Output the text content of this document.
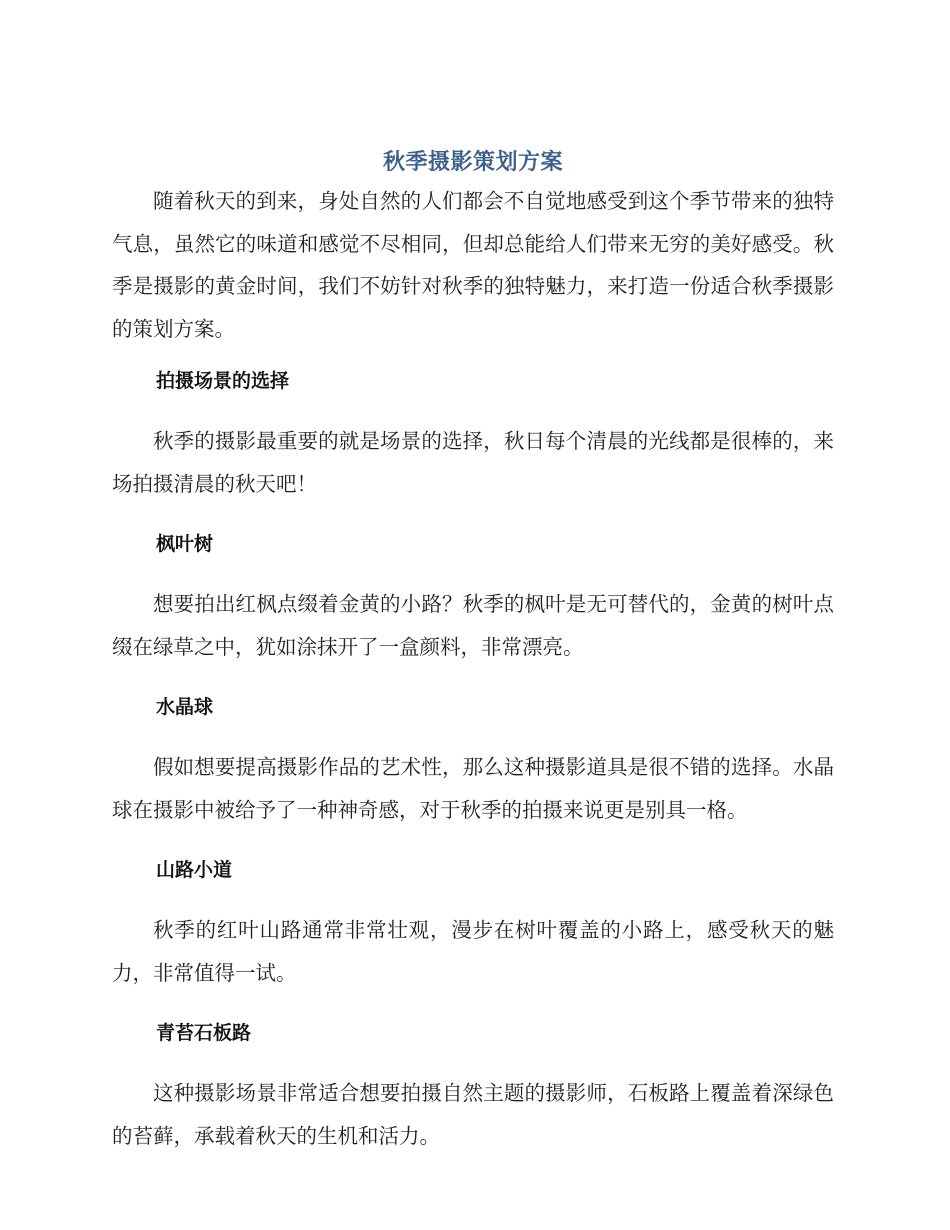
秋季摄影策划方案

随着秋天的到来，身处自然的人们都会不自觉地感受到这个季节带来的独特气息，虽然它的味道和感觉不尽相同，但却总能给人们带来无穷的美好感受。秋季是摄影的黄金时间，我们不妨针对秋季的独特魅力，来打造一份适合秋季摄影的策划方案。

拍摄场景的选择

秋季的摄影最重要的就是场景的选择，秋日每个清晨的光线都是很棒的，来场拍摄清晨的秋天吧！

枫叶树

想要拍出红枫点缀着金黄的小路？秋季的枫叶是无可替代的，金黄的树叶点缀在绿草之中，犹如涂抹开了一盒颜料，非常漂亮。

水晶球

假如想要提高摄影作品的艺术性，那么这种摄影道具是很不错的选择。水晶球在摄影中被给予了一种神奇感，对于秋季的拍摄来说更是别具一格。

山路小道

秋季的红叶山路通常非常壮观，漫步在树叶覆盖的小路上，感受秋天的魅力，非常值得一试。

青苔石板路

这种摄影场景非常适合想要拍摄自然主题的摄影师，石板路上覆盖着深绿色的苔藓，承载着秋天的生机和活力。
